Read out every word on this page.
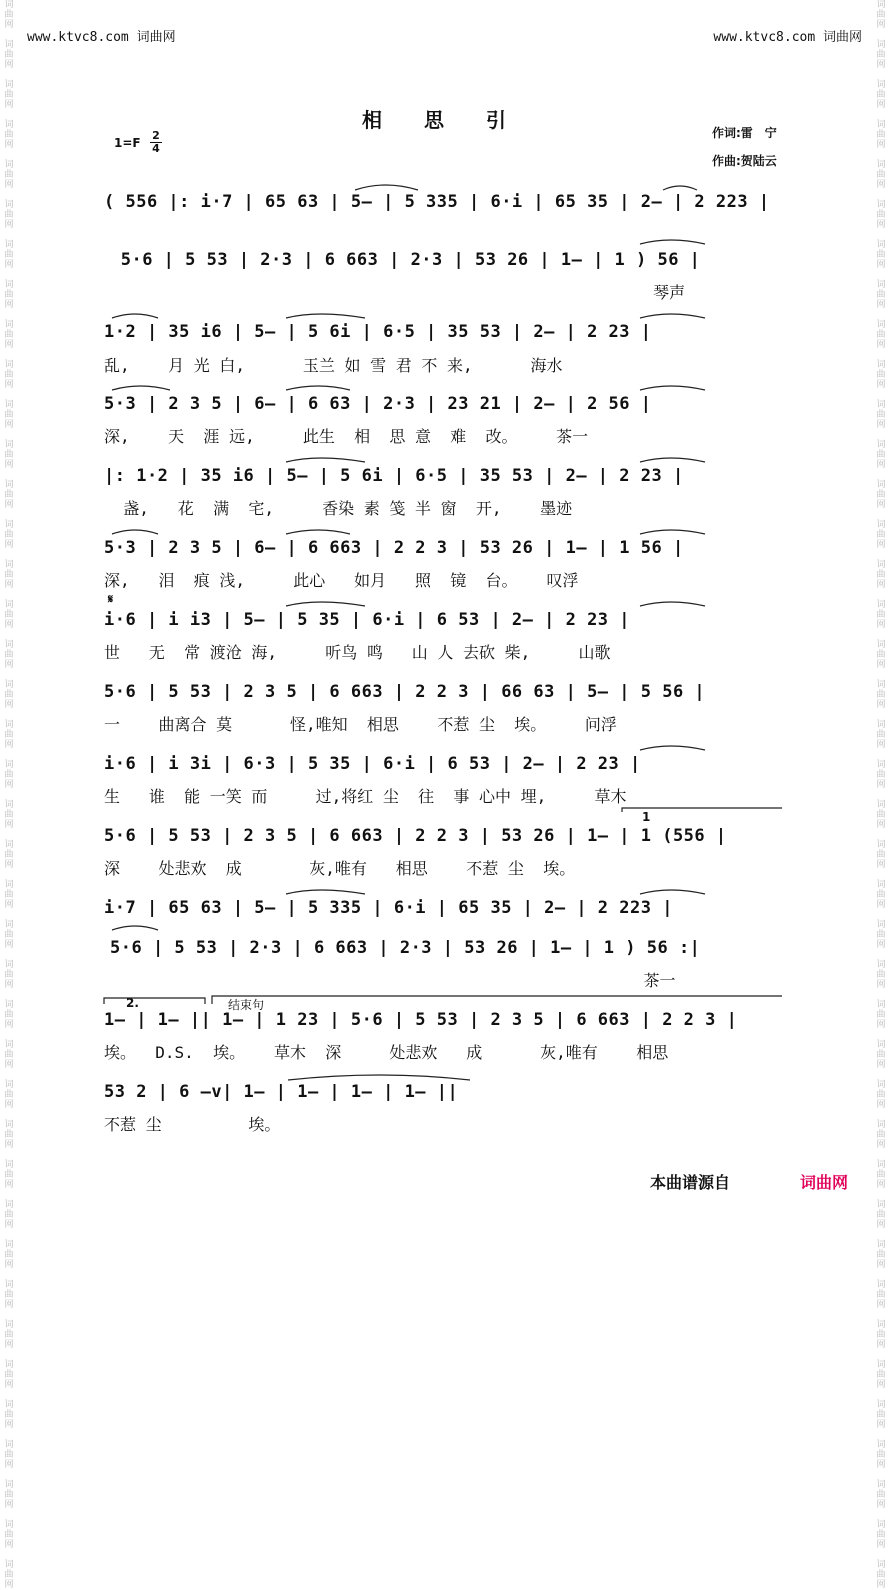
词
曲
网

词
曲
网

词
曲
网

词
曲
网

词
曲
网

词
曲
网

词
曲
网

词
曲
网

词
曲
网

词
曲
网

词
曲
网

词
曲
网

词
曲
网

词
曲
网

词
曲
网

词
曲
网

词
曲
网

词
曲
网

词
曲
网

词
曲
网

词
曲
网

词
曲
网

词
曲
网

词
曲
网

词
曲
网

词
曲
网

词
曲
网

词
曲
网

词
曲
网

词
曲
网

词
曲
网

词
曲
网

词
曲
网

词
曲
网

词
曲
网

词
曲
网

词
曲
网

词
曲
网

词
曲
网

词
曲
网

词
曲
网

词
曲
网

词
曲
网

词
曲
网

词
曲
网

词
曲
网

词
曲
网

词
曲
网

词
曲
网

词
曲
网

词
曲
网

词
曲
网

词
曲
网

词
曲
网

词
曲
网

词
曲
网

词
曲
网

词
曲
网

词
曲
网

词
曲
网

词
曲
网

词
曲
网

词
曲
网

词
曲
网

词
曲
网

词
曲
网

词
曲
网

词
曲
网

词
曲
网

词
曲
网

词
曲
网

词
曲
网

词
曲
网

词
曲
网

词
曲
网

词
曲
网

词
曲
网

词
曲
网

词
曲
网

词
曲
网

www.ktvc8.com 词曲网	www.ktvc8.com 词曲网
相思引
作词:雷　宁
作曲:贺陆云
1=F
2
4
( 556 |: i·7 | 65 63 | 5— | 5 335 | 6·i | 65 35 | 2— | 2 223 |
5·6 | 5 53 | 2·3 | 6 663 | 2·3 | 53 26 | 1— | 1 ) 56 |
琴声
1·2 | 35 i6 | 5— | 5 6i | 6·5 | 35 53 | 2— | 2 23 |
乱,    月 光 白,      玉兰 如 雪 君 不 来,      海水
5·3 | 2 3 5 | 6— | 6 63 | 2·3 | 23 21 | 2— | 2 56 |
深,    天  涯 远,     此生  相  思 意  难  改。    茶一
|: 1·2 | 35 i6 | 5— | 5 6i | 6·5 | 35 53 | 2— | 2 23 |
盏,   花  满  宅,     香染 素 笺 半 窗  开,    墨迹
5·3 | 2 3 5 | 6— | 6 663 | 2 2 3 | 53 26 | 1— | 1 56 |
深,   泪  痕 浅,     此心   如月   照  镜  台。   叹浮
𝄋
i·6 | i i3 | 5— | 5 35 | 6·i | 6 53 | 2— | 2 23 |
世   无  常 渡沧 海,     听鸟 鸣   山 人 去砍 柴,     山歌
5·6 | 5 53 | 2 3 5 | 6 663 | 2 2 3 | 66 63 | 5— | 5 56 |
一    曲离合 莫      怪,唯知  相思    不惹 尘  埃。    问浮
i·6 | i 3i | 6·3 | 5 35 | 6·i | 6 53 | 2— | 2 23 |
生   谁  能 一笑 而     过,将红 尘  往  事 心中 埋,     草木
1
5·6 | 5 53 | 2 3 5 | 6 663 | 2 2 3 | 53 26 | 1— | 1 (556 |
深    处悲欢  成       灰,唯有   相思    不惹 尘  埃。
i·7 | 65 63 | 5— | 5 335 | 6·i | 65 35 | 2— | 2 223 |
5·6 | 5 53 | 2·3 | 6 663 | 2·3 | 53 26 | 1— | 1 ) 56 :|
茶一
2.	结束句
1— | 1— || 1— | 1 23 | 5·6 | 5 53 | 2 3 5 | 6 663 | 2 2 3 |
埃。  D.S.  埃。   草木  深     处悲欢   成      灰,唯有    相思
53 2 | 6 —v| 1— | 1— | 1— | 1— ||
不惹 尘         埃。
本曲谱源自	词曲网
